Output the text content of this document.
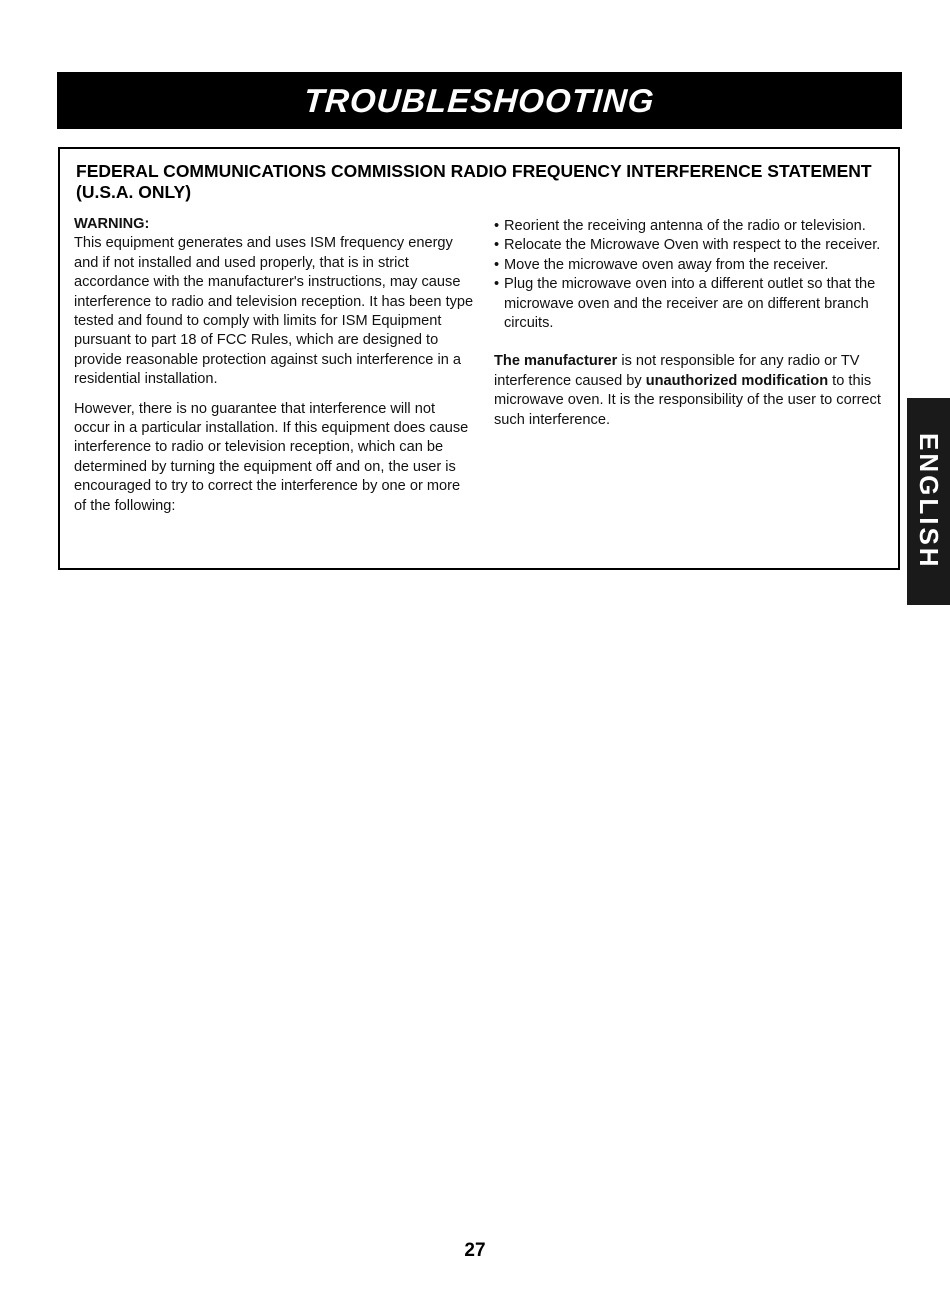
TROUBLESHOOTING
FEDERAL COMMUNICATIONS COMMISSION RADIO FREQUENCY INTERFERENCE STATEMENT (U.S.A. ONLY)

WARNING:
This equipment generates and uses ISM frequency energy and if not installed and used properly, that is in strict accordance with the manufacturer's instructions, may cause interference to radio and television reception. It has been type tested and found to comply with limits for ISM Equipment pursuant to part 18 of FCC Rules, which are designed to provide reasonable protection against such interference in a residential installation.

However, there is no guarantee that interference will not occur in a particular installation. If this equipment does cause interference to radio or television reception, which can be determined by turning the equipment off and on, the user is encouraged to try to correct the interference by one or more of the following:

• Reorient the receiving antenna of the radio or television.
• Relocate the Microwave Oven with respect to the receiver.
• Move the microwave oven away from the receiver.
• Plug the microwave oven into a different outlet so that the microwave oven and the receiver are on different branch circuits.

The manufacturer is not responsible for any radio or TV interference caused by unauthorized modification to this microwave oven. It is the responsibility of the user to correct such interference.

ENGLISH
27
